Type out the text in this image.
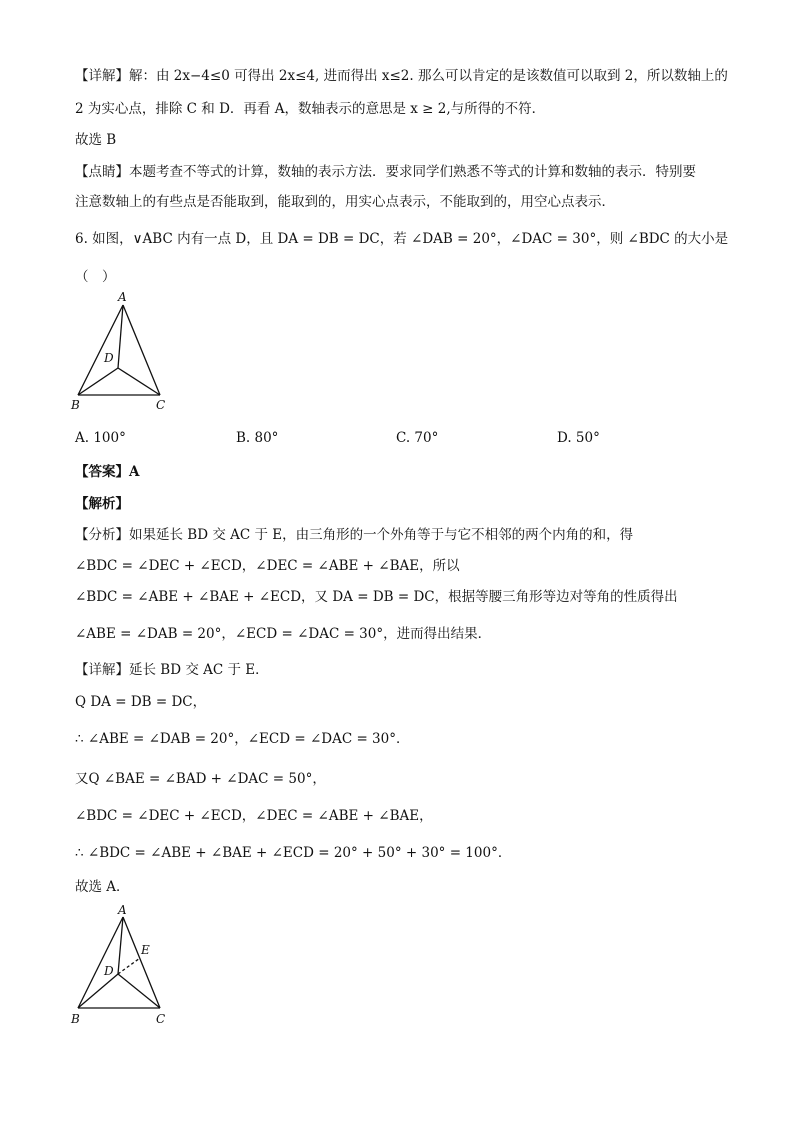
【详解】解：由 2x−4≤0 可得出 2x≤4, 进而得出 x≤2. 那么可以肯定的是该数值可以取到 2，所以数轴上的
2 为实心点，排除 C 和 D．再看 A，数轴表示的意思是 x ≥ 2,与所得的不符．
故选 B
【点睛】本题考查不等式的计算，数轴的表示方法．要求同学们熟悉不等式的计算和数轴的表示．特别要
注意数轴上的有些点是否能取到，能取到的，用实心点表示，不能取到的，用空心点表示．
6. 如图，∨ABC 内有一点 D，且 DA = DB = DC，若 ∠DAB = 20°，∠DAC = 30°，则 ∠BDC 的大小是
（　）
A
D
B	C
A. 100°	B. 80°	C. 70°	D. 50°
【答案】A
【解析】
【分析】如果延长 BD 交 AC 于 E，由三角形的一个外角等于与它不相邻的两个内角的和，得
∠BDC = ∠DEC + ∠ECD，∠DEC = ∠ABE + ∠BAE，所以
∠BDC = ∠ABE + ∠BAE + ∠ECD，又 DA = DB = DC，根据等腰三角形等边对等角的性质得出
∠ABE = ∠DAB = 20°，∠ECD = ∠DAC = 30°，进而得出结果．
【详解】延长 BD 交 AC 于 E．
Q DA = DB = DC，
∴ ∠ABE = ∠DAB = 20°，∠ECD = ∠DAC = 30°．
又Q ∠BAE = ∠BAD + ∠DAC = 50°，
∠BDC = ∠DEC + ∠ECD，∠DEC = ∠ABE + ∠BAE，
∴ ∠BDC = ∠ABE + ∠BAE + ∠ECD = 20° + 50° + 30° = 100°．
故选 A．
A
E
D
B	C
